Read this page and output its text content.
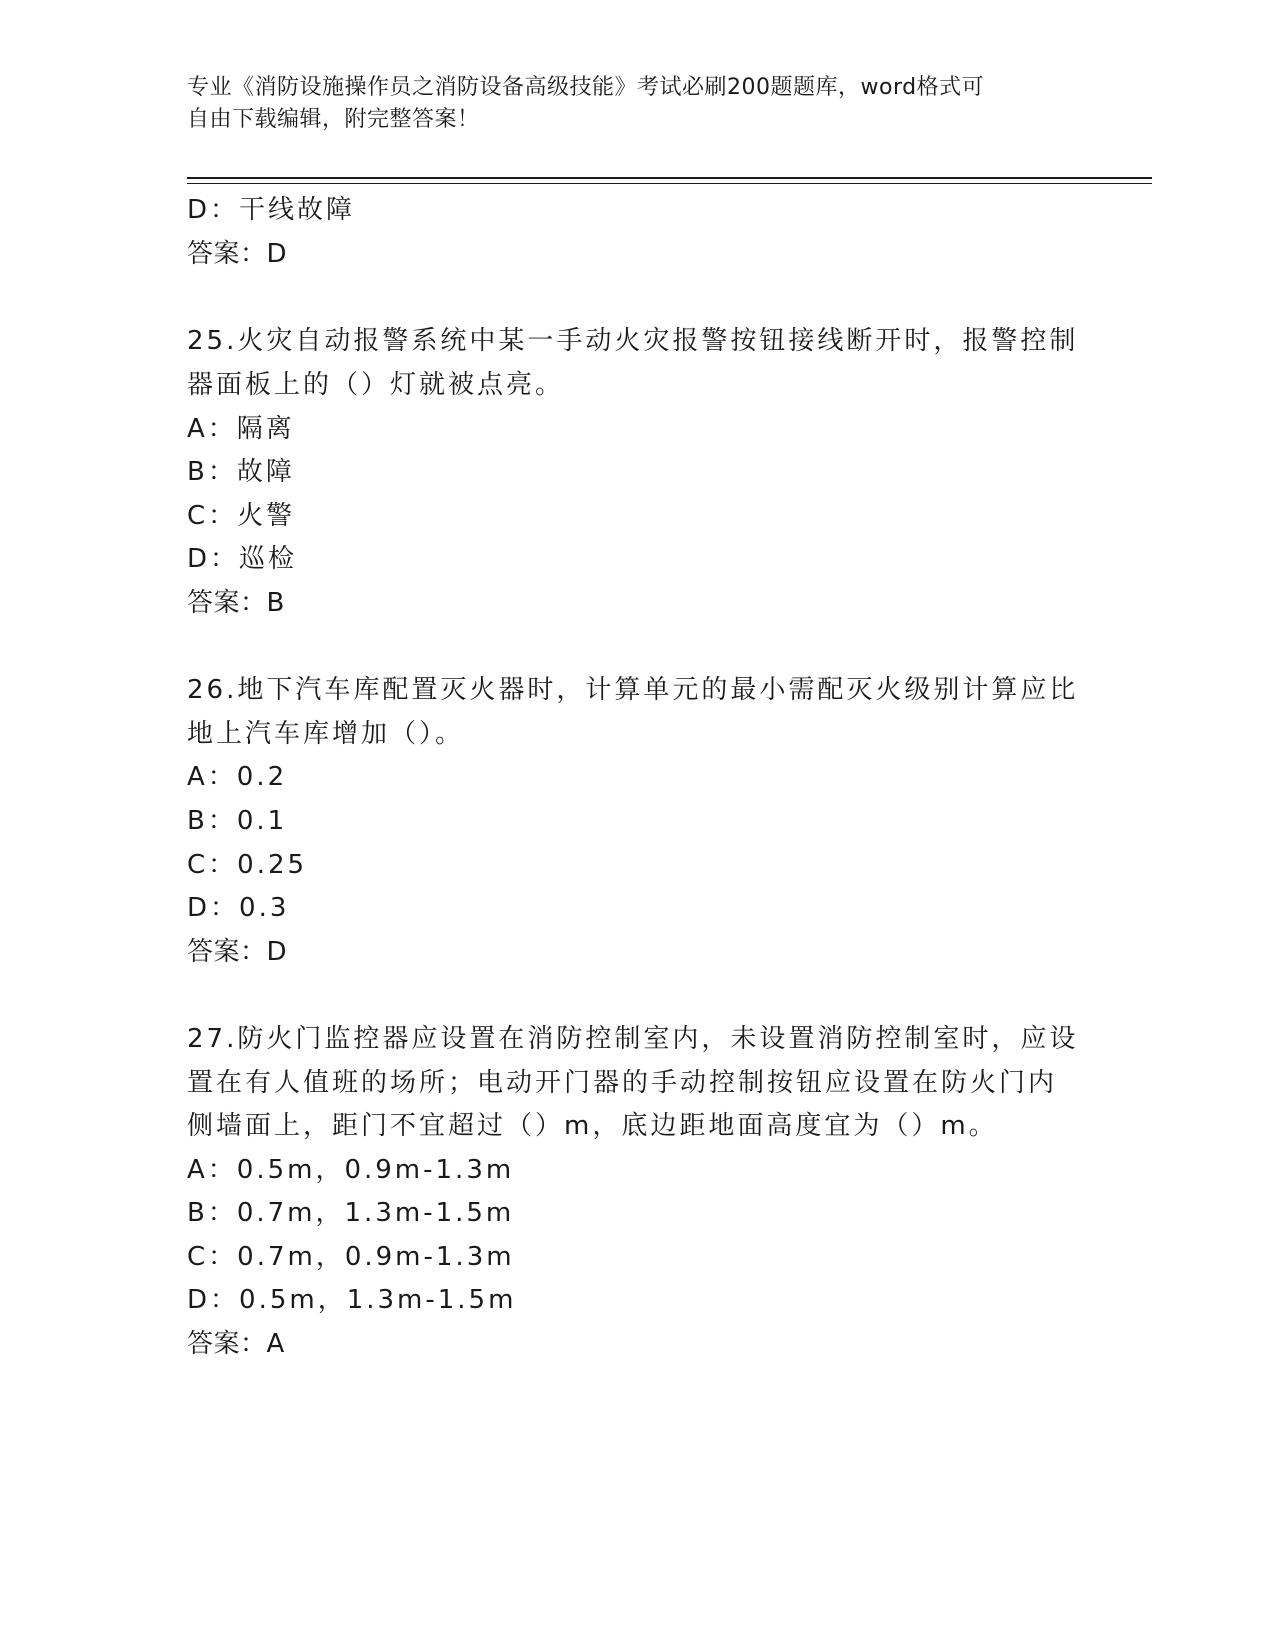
专业《消防设施操作员之消防设备高级技能》考试必刷200题题库，word格式可
自由下载编辑，附完整答案！
D：干线故障
答案：D
25.火灾自动报警系统中某一手动火灾报警按钮接线断开时，报警控制
器面板上的（）灯就被点亮。
A：隔离
B：故障
C：火警
D：巡检
答案：B
26.地下汽车库配置灭火器时，计算单元的最小需配灭火级别计算应比
地上汽车库增加（）。
A：0.2
B：0.1
C：0.25
D：0.3
答案：D
27.防火门监控器应设置在消防控制室内，未设置消防控制室时，应设
置在有人值班的场所；电动开门器的手动控制按钮应设置在防火门内
侧墙面上，距门不宜超过（）m，底边距地面高度宜为（）m。
A：0.5m，0.9m-1.3m
B：0.7m，1.3m-1.5m
C：0.7m，0.9m-1.3m
D：0.5m，1.3m-1.5m
答案：A
